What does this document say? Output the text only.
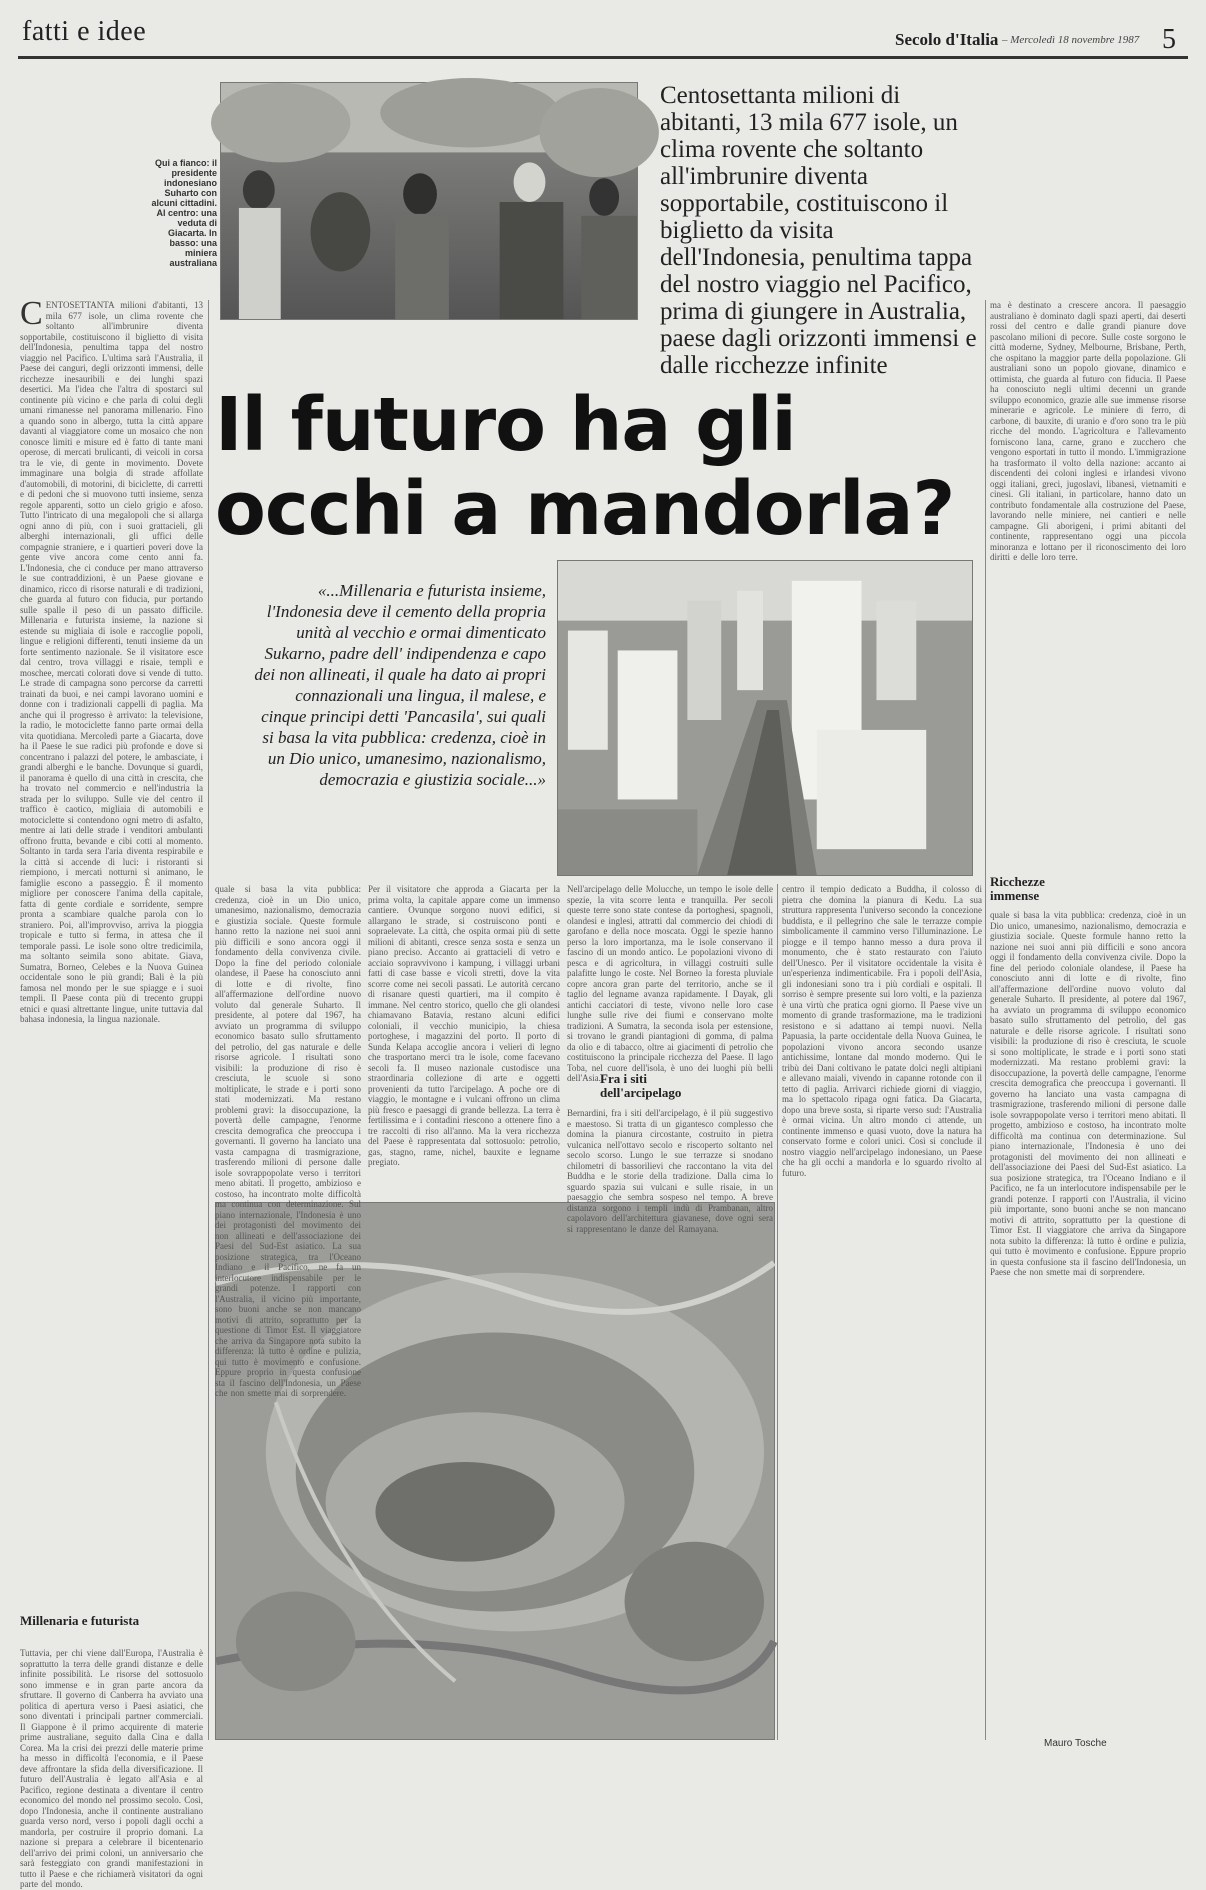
fatti e idee	Secolo d'Italia – Mercoledì 18 novembre 1987 5
Qui a fianco: il presidente indonesiano Suharto con alcuni cittadini. Al centro: una veduta di Giacarta. In basso: una miniera australiana
Centosettanta milioni di abitanti, 13 mila 677 isole, un clima rovente che soltanto all'imbrunire diventa sopportabile, costituiscono il biglietto da visita dell'Indonesia, penultima tappa del nostro viaggio nel Pacifico, prima di giungere in Australia, paese dagli orizzonti immensi e dalle ricchezze infinite
Il futuro ha gli occhi a mandorla?
«...Millenaria e futurista insieme, l'Indonesia deve il cemento della propria unità al vecchio e ormai dimenticato Sukarno, padre dell' indipendenza e capo dei non allineati, il quale ha dato ai propri connazionali una lingua, il malese, e cinque principi detti 'Pancasila', sui quali si basa la vita pubblica: credenza, cioè in un Dio unico, umanesimo, nazionalismo, democrazia e giustizia sociale...»
CENTOSETTANTA milioni d'abitanti, 13 mila 677 isole, un clima rovente che soltanto all'imbrunire diventa sopportabile, costituiscono il biglietto di visita dell'Indonesia, penultima tappa del nostro viaggio nel Pacifico. L'ultima sarà l'Australia, il Paese dei canguri, degli orizzonti immensi, delle ricchezze inesauribili e dei lunghi spazi desertici. Ma l'idea che l'altra di spostarci sul continente più vicino e che parla di colui degli umani rimanesse nel panorama millenario. Fino a quando sono in albergo, tutta la città appare davanti al viaggiatore come un mosaico che non conosce limiti e misure ed è fatto di tante mani operose, di mercati brulicanti, di veicoli in corsa tra le vie, di gente in movimento. Dovete immaginare una bolgia di strade affollate d'automobili, di motorini, di biciclette, di carretti e di pedoni che si muovono tutti insieme, senza regole apparenti, sotto un cielo grigio e afoso. Tutto l'intricato di una megalopoli che si allarga ogni anno di più, con i suoi grattacieli, gli alberghi internazionali, gli uffici delle compagnie straniere, e i quartieri poveri dove la gente vive ancora come cento anni fa. L'Indonesia, che ci conduce per mano attraverso le sue contraddizioni, è un Paese giovane e dinamico, ricco di risorse naturali e di tradizioni, che guarda al futuro con fiducia, pur portando sulle spalle il peso di un passato difficile. Millenaria e futurista insieme, la nazione si estende su migliaia di isole e raccoglie popoli, lingue e religioni differenti, tenuti insieme da un forte sentimento nazionale. Se il visitatore esce dal centro, trova villaggi e risaie, templi e moschee, mercati colorati dove si vende di tutto. Le strade di campagna sono percorse da carretti trainati da buoi, e nei campi lavorano uomini e donne con i tradizionali cappelli di paglia. Ma anche qui il progresso è arrivato: la televisione, la radio, le motociclette fanno parte ormai della vita quotidiana. Mercoledì parte a Giacarta, dove ha il Paese le sue radici più profonde e dove si concentrano i palazzi del potere, le ambasciate, i grandi alberghi e le banche. Dovunque si guardi, il panorama è quello di una città in crescita, che ha trovato nel commercio e nell'industria la strada per lo sviluppo. Sulle vie del centro il traffico è caotico, migliaia di automobili e motociclette si contendono ogni metro di asfalto, mentre ai lati delle strade i venditori ambulanti offrono frutta, bevande e cibi cotti al momento. Soltanto in tarda sera l'aria diventa respirabile e la città si accende di luci: i ristoranti si riempiono, i mercati notturni si animano, le famiglie escono a passeggio. È il momento migliore per conoscere l'anima della capitale, fatta di gente cordiale e sorridente, sempre pronta a scambiare qualche parola con lo straniero. Poi, all'improvviso, arriva la pioggia tropicale e tutto si ferma, in attesa che il temporale passi. Le isole sono oltre tredicimila, ma soltanto seimila sono abitate. Giava, Sumatra, Borneo, Celebes e la Nuova Guinea occidentale sono le più grandi; Bali è la più famosa nel mondo per le sue spiagge e i suoi templi. Il Paese conta più di trecento gruppi etnici e quasi altrettante lingue, unite tuttavia dal bahasa indonesia, la lingua nazionale.
Millenaria e futurista
Tuttavia, per chi viene dall'Europa, l'Australia è soprattutto la terra delle grandi distanze e delle infinite possibilità. Le risorse del sottosuolo sono immense e in gran parte ancora da sfruttare. Il governo di Canberra ha avviato una politica di apertura verso i Paesi asiatici, che sono diventati i principali partner commerciali. Il Giappone è il primo acquirente di materie prime australiane, seguito dalla Cina e dalla Corea. Ma la crisi dei prezzi delle materie prime ha messo in difficoltà l'economia, e il Paese deve affrontare la sfida della diversificazione. Il futuro dell'Australia è legato all'Asia e al Pacifico, regione destinata a diventare il centro economico del mondo nel prossimo secolo. Così, dopo l'Indonesia, anche il continente australiano guarda verso nord, verso i popoli dagli occhi a mandorla, per costruire il proprio domani. La nazione si prepara a celebrare il bicentenario dell'arrivo dei primi coloni, un anniversario che sarà festeggiato con grandi manifestazioni in tutto il Paese e che richiamerà visitatori da ogni parte del mondo.
quale si basa la vita pubblica: credenza, cioè in un Dio unico, umanesimo, nazionalismo, democrazia e giustizia sociale. Queste formule hanno retto la nazione nei suoi anni più difficili e sono ancora oggi il fondamento della convivenza civile. Dopo la fine del periodo coloniale olandese, il Paese ha conosciuto anni di lotte e di rivolte, fino all'affermazione dell'ordine nuovo voluto dal generale Suharto. Il presidente, al potere dal 1967, ha avviato un programma di sviluppo economico basato sullo sfruttamento del petrolio, del gas naturale e delle risorse agricole. I risultati sono visibili: la produzione di riso è cresciuta, le scuole si sono moltiplicate, le strade e i porti sono stati modernizzati. Ma restano problemi gravi: la disoccupazione, la povertà delle campagne, l'enorme crescita demografica che preoccupa i governanti. Il governo ha lanciato una vasta campagna di trasmigrazione, trasferendo milioni di persone dalle isole sovrappopolate verso i territori meno abitati. Il progetto, ambizioso e costoso, ha incontrato molte difficoltà ma continua con determinazione. Sul piano internazionale, l'Indonesia è uno dei protagonisti del movimento dei non allineati e dell'associazione dei Paesi del Sud-Est asiatico. La sua posizione strategica, tra l'Oceano Indiano e il Pacifico, ne fa un interlocutore indispensabile per le grandi potenze. I rapporti con l'Australia, il vicino più importante, sono buoni anche se non mancano motivi di attrito, soprattutto per la questione di Timor Est. Il viaggiatore che arriva da Singapore nota subito la differenza: là tutto è ordine e pulizia, qui tutto è movimento e confusione. Eppure proprio in questa confusione sta il fascino dell'Indonesia, un Paese che non smette mai di sorprendere.
Per il visitatore che approda a Giacarta per la prima volta, la capitale appare come un immenso cantiere. Ovunque sorgono nuovi edifici, si allargano le strade, si costruiscono ponti e sopraelevate. La città, che ospita ormai più di sette milioni di abitanti, cresce senza sosta e senza un piano preciso. Accanto ai grattacieli di vetro e acciaio sopravvivono i kampung, i villaggi urbani fatti di case basse e vicoli stretti, dove la vita scorre come nei secoli passati. Le autorità cercano di risanare questi quartieri, ma il compito è immane. Nel centro storico, quello che gli olandesi chiamavano Batavia, restano alcuni edifici coloniali, il vecchio municipio, la chiesa portoghese, i magazzini del porto. Il porto di Sunda Kelapa accoglie ancora i velieri di legno che trasportano merci tra le isole, come facevano secoli fa. Il museo nazionale custodisce una straordinaria collezione di arte e oggetti provenienti da tutto l'arcipelago. A poche ore di viaggio, le montagne e i vulcani offrono un clima più fresco e paesaggi di grande bellezza. La terra è fertilissima e i contadini riescono a ottenere fino a tre raccolti di riso all'anno. Ma la vera ricchezza del Paese è rappresentata dal sottosuolo: petrolio, gas, stagno, rame, nichel, bauxite e legname pregiato.
Nell'arcipelago delle Molucche, un tempo le isole delle spezie, la vita scorre lenta e tranquilla. Per secoli queste terre sono state contese da portoghesi, spagnoli, olandesi e inglesi, attratti dal commercio dei chiodi di garofano e della noce moscata. Oggi le spezie hanno perso la loro importanza, ma le isole conservano il fascino di un mondo antico. Le popolazioni vivono di pesca e di agricoltura, in villaggi costruiti sulle palafitte lungo le coste. Nel Borneo la foresta pluviale copre ancora gran parte del territorio, anche se il taglio del legname avanza rapidamente. I Dayak, gli antichi cacciatori di teste, vivono nelle loro case lunghe sulle rive dei fiumi e conservano molte tradizioni. A Sumatra, la seconda isola per estensione, si trovano le grandi piantagioni di gomma, di palma da olio e di tabacco, oltre ai giacimenti di petrolio che costituiscono la principale ricchezza del Paese. Il lago Toba, nel cuore dell'isola, è uno dei luoghi più belli dell'Asia. Fra i siti dell'arcipelago
Bernardini, fra i siti dell'arcipelago, è il più suggestivo e maestoso. Si tratta di un gigantesco complesso che domina la pianura circostante, costruito in pietra vulcanica nell'ottavo secolo e riscoperto soltanto nel secolo scorso. Lungo le sue terrazze si snodano chilometri di bassorilievi che raccontano la vita del Buddha e le storie della tradizione. Dalla cima lo sguardo spazia sui vulcani e sulle risaie, in un paesaggio che sembra sospeso nel tempo. A breve distanza sorgono i templi indù di Prambanan, altro capolavoro dell'architettura giavanese, dove ogni sera si rappresentano le danze del Ramayana.
centro il tempio dedicato a Buddha, il colosso di pietra che domina la pianura di Kedu. La sua struttura rappresenta l'universo secondo la concezione buddista, e il pellegrino che sale le terrazze compie simbolicamente il cammino verso l'illuminazione. Le piogge e il tempo hanno messo a dura prova il monumento, che è stato restaurato con l'aiuto dell'Unesco. Per il visitatore occidentale la visita è un'esperienza indimenticabile. Fra i popoli dell'Asia, gli indonesiani sono tra i più cordiali e ospitali. Il sorriso è sempre presente sui loro volti, e la pazienza è una virtù che pratica ogni giorno. Il Paese vive un momento di grande trasformazione, ma le tradizioni resistono e si adattano ai tempi nuovi. Nella Papuasia, la parte occidentale della Nuova Guinea, le popolazioni vivono ancora secondo usanze antichissime, lontane dal mondo moderno. Qui le tribù dei Dani coltivano le patate dolci negli altipiani e allevano maiali, vivendo in capanne rotonde con il tetto di paglia. Arrivarci richiede giorni di viaggio, ma lo spettacolo ripaga ogni fatica. Da Giacarta, dopo una breve sosta, si riparte verso sud: l'Australia è ormai vicina. Un altro mondo ci attende, un continente immenso e quasi vuoto, dove la natura ha conservato forme e colori unici. Così si conclude il nostro viaggio nell'arcipelago indonesiano, un Paese che ha gli occhi a mandorla e lo sguardo rivolto al futuro.
ma è destinato a crescere ancora. Il paesaggio australiano è dominato dagli spazi aperti, dai deserti rossi del centro e dalle grandi pianure dove pascolano milioni di pecore. Sulle coste sorgono le città moderne, Sydney, Melbourne, Brisbane, Perth, che ospitano la maggior parte della popolazione. Gli australiani sono un popolo giovane, dinamico e ottimista, che guarda al futuro con fiducia. Il Paese ha conosciuto negli ultimi decenni un grande sviluppo economico, grazie alle sue immense risorse minerarie e agricole. Le miniere di ferro, di carbone, di bauxite, di uranio e d'oro sono tra le più ricche del mondo. L'agricoltura e l'allevamento forniscono lana, carne, grano e zucchero che vengono esportati in tutto il mondo. L'immigrazione ha trasformato il volto della nazione: accanto ai discendenti dei coloni inglesi e irlandesi vivono oggi italiani, greci, jugoslavi, libanesi, vietnamiti e cinesi. Gli italiani, in particolare, hanno dato un contributo fondamentale alla costruzione del Paese, lavorando nelle miniere, nei cantieri e nelle campagne. Gli aborigeni, i primi abitanti del continente, rappresentano oggi una piccola minoranza e lottano per il riconoscimento dei loro diritti e delle loro terre.
Ricchezze immense
quale si basa la vita pubblica: credenza, cioè in un Dio unico, umanesimo, nazionalismo, democrazia e giustizia sociale. Queste formule hanno retto la nazione nei suoi anni più difficili e sono ancora oggi il fondamento della convivenza civile. Dopo la fine del periodo coloniale olandese, il Paese ha conosciuto anni di lotte e di rivolte, fino all'affermazione dell'ordine nuovo voluto dal generale Suharto. Il presidente, al potere dal 1967, ha avviato un programma di sviluppo economico basato sullo sfruttamento del petrolio, del gas naturale e delle risorse agricole. I risultati sono visibili: la produzione di riso è cresciuta, le scuole si sono moltiplicate, le strade e i porti sono stati modernizzati. Ma restano problemi gravi: la disoccupazione, la povertà delle campagne, l'enorme crescita demografica che preoccupa i governanti. Il governo ha lanciato una vasta campagna di trasmigrazione, trasferendo milioni di persone dalle isole sovrappopolate verso i territori meno abitati. Il progetto, ambizioso e costoso, ha incontrato molte difficoltà ma continua con determinazione. Sul piano internazionale, l'Indonesia è uno dei protagonisti del movimento dei non allineati e dell'associazione dei Paesi del Sud-Est asiatico. La sua posizione strategica, tra l'Oceano Indiano e il Pacifico, ne fa un interlocutore indispensabile per le grandi potenze. I rapporti con l'Australia, il vicino più importante, sono buoni anche se non mancano motivi di attrito, soprattutto per la questione di Timor Est. Il viaggiatore che arriva da Singapore nota subito la differenza: là tutto è ordine e pulizia, qui tutto è movimento e confusione. Eppure proprio in questa confusione sta il fascino dell'Indonesia, un Paese che non smette mai di sorprendere.
Mauro Tosche
